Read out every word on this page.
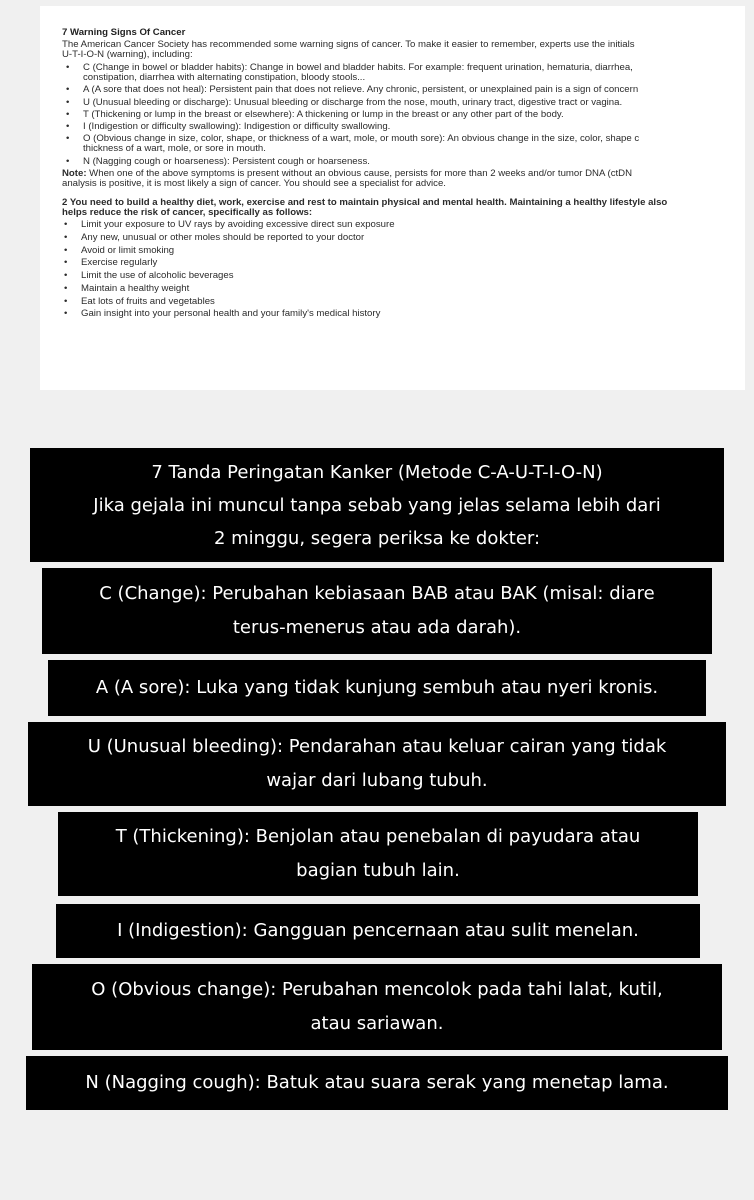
7 Warning Signs Of Cancer

The American Cancer Society has recommended some warning signs of cancer. To make it easier to remember, experts use the initials

U-T-I-O-N (warning), including:

• C (Change in bowel or bladder habits): Change in bowel and bladder habits. For example: frequent urination, hematuria, diarrhea,
constipation, diarrhea with alternating constipation, bloody stools...
• A (A sore that does not heal): Persistent pain that does not relieve. Any chronic, persistent, or unexplained pain is a sign of concern
• U (Unusual bleeding or discharge): Unusual bleeding or discharge from the nose, mouth, urinary tract, digestive tract or vagina.
• T (Thickening or lump in the breast or elsewhere): A thickening or lump in the breast or any other part of the body.
• I (Indigestion or difficulty swallowing): Indigestion or difficulty swallowing.
• O (Obvious change in size, color, shape, or thickness of a wart, mole, or mouth sore): An obvious change in the size, color, shape c
thickness of a wart, mole, or sore in mouth.
• N (Nagging cough or hoarseness): Persistent cough or hoarseness.

Note: When one of the above symptoms is present without an obvious cause, persists for more than 2 weeks and/or tumor DNA (ctDN

analysis is positive, it is most likely a sign of cancer. You should see a specialist for advice.

2 You need to build a healthy diet, work, exercise and rest to maintain physical and mental health. Maintaining a healthy lifestyle also
helps reduce the risk of cancer, specifically as follows:
• Limit your exposure to UV rays by avoiding excessive direct sun exposure
• Any new, unusual or other moles should be reported to your doctor
• Avoid or limit smoking
• Exercise regularly
• Limit the use of alcoholic beverages
• Maintain a healthy weight
• Eat lots of fruits and vegetables
• Gain insight into your personal health and your family's medical history
7 Tanda Peringatan Kanker (Metode C-A-U-T-I-O-N)
Jika gejala ini muncul tanpa sebab yang jelas selama lebih dari
2 minggu, segera periksa ke dokter:
C (Change): Perubahan kebiasaan BAB atau BAK (misal: diare
terus-menerus atau ada darah).
A (A sore): Luka yang tidak kunjung sembuh atau nyeri kronis.
U (Unusual bleeding): Pendarahan atau keluar cairan yang tidak
wajar dari lubang tubuh.
T (Thickening): Benjolan atau penebalan di payudara atau
bagian tubuh lain.
I (Indigestion): Gangguan pencernaan atau sulit menelan.
O (Obvious change): Perubahan mencolok pada tahi lalat, kutil,
atau sariawan.
N (Nagging cough): Batuk atau suara serak yang menetap lama.
